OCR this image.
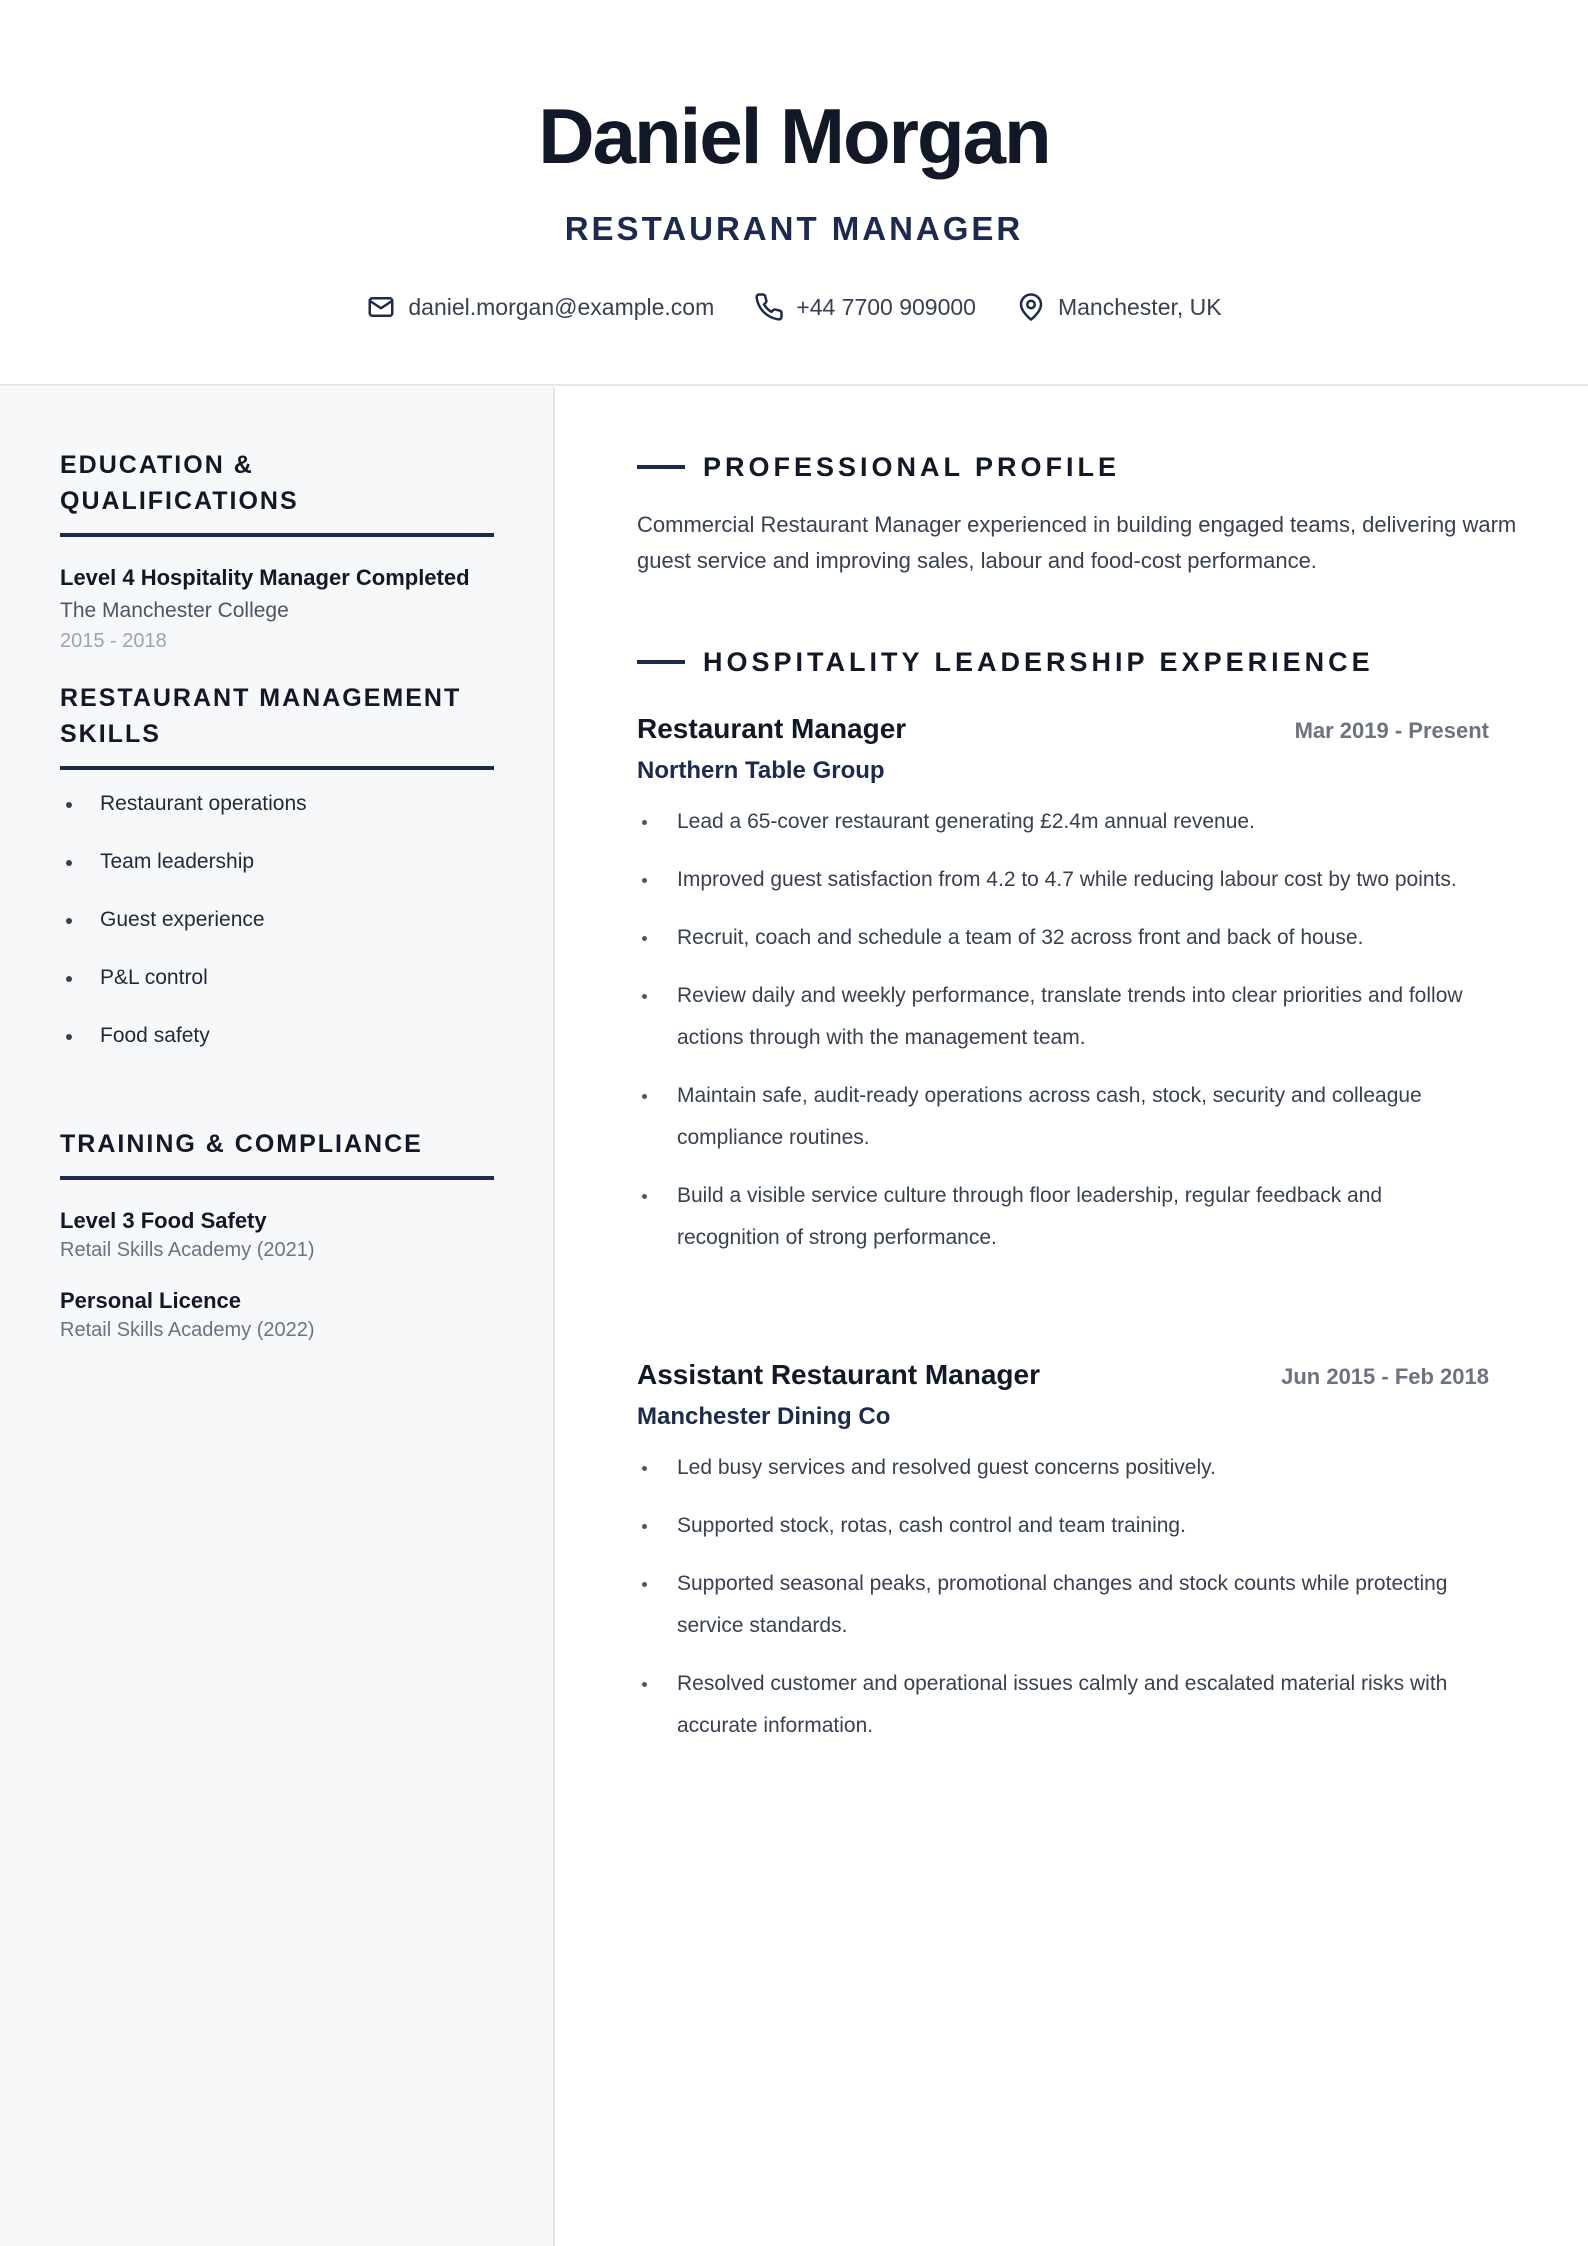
Daniel Morgan
RESTAURANT MANAGER
daniel.morgan@example.com	+44 7700 909000	Manchester, UK
EDUCATION & QUALIFICATIONS
Level 4 Hospitality Manager Completed
The Manchester College
2015 - 2018
RESTAURANT MANAGEMENT SKILLS
Restaurant operations
Team leadership
Guest experience
P&L control
Food safety
TRAINING & COMPLIANCE
Level 3 Food Safety
Retail Skills Academy (2021)
Personal Licence
Retail Skills Academy (2022)
PROFESSIONAL PROFILE
Commercial Restaurant Manager experienced in building engaged teams, delivering warm guest service and improving sales, labour and food-cost performance.
HOSPITALITY LEADERSHIP EXPERIENCE
Restaurant Manager	Mar 2019 - Present
Northern Table Group
Lead a 65-cover restaurant generating £2.4m annual revenue.
Improved guest satisfaction from 4.2 to 4.7 while reducing labour cost by two points.
Recruit, coach and schedule a team of 32 across front and back of house.
Review daily and weekly performance, translate trends into clear priorities and follow actions through with the management team.
Maintain safe, audit-ready operations across cash, stock, security and colleague compliance routines.
Build a visible service culture through floor leadership, regular feedback and recognition of strong performance.
Assistant Restaurant Manager	Jun 2015 - Feb 2018
Manchester Dining Co
Led busy services and resolved guest concerns positively.
Supported stock, rotas, cash control and team training.
Supported seasonal peaks, promotional changes and stock counts while protecting service standards.
Resolved customer and operational issues calmly and escalated material risks with accurate information.
